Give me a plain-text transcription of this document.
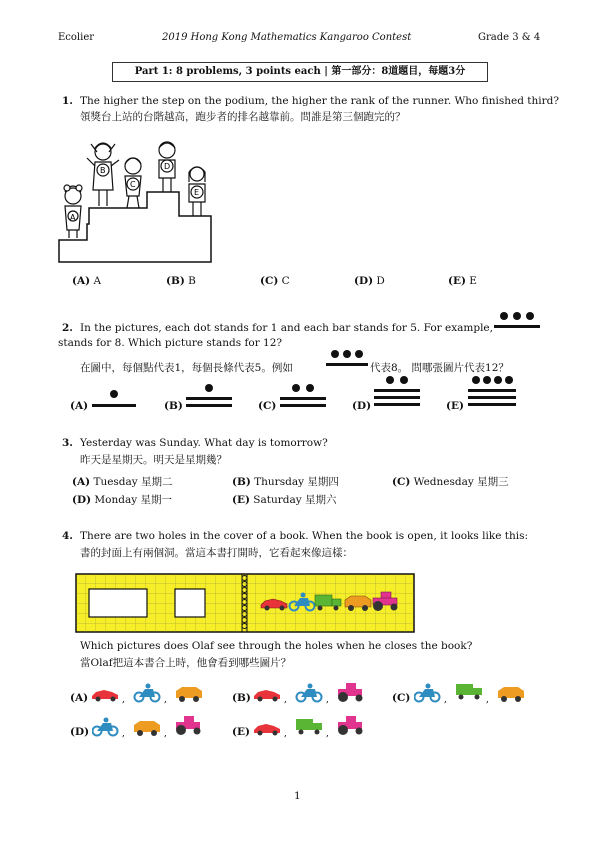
Ecolier	2019 Hong Kong Mathematics Kangaroo Contest	Grade 3 & 4
Part 1: 8 problems, 3 points each | 第一部分：8道題目，每題3分
1. The higher the step on the podium, the higher the rank of the runner. Who finished third?
領獎台上站的台階越高，跑步者的排名越靠前。問誰是第三個跑完的？
A
B
C
D
E
(A) A	(B) B	(C) C	(D) D	(E) E
2. In the pictures, each dot stands for 1 and each bar stands for 5. For example,
stands for 8. Which picture stands for 12?
在圖中，每個點代表1，每個長條代表5。例如	代表8。 問哪張圖片代表12？
(A)	(B)	(C)	(D)	(E)
3. Yesterday was Sunday. What day is tomorrow?
昨天是星期天。明天是星期幾？
(A) Tuesday 星期二	(B) Thursday 星期四	(C) Wednesday 星期三
(D) Monday 星期一	(E) Saturday 星期六
4. There are two holes in the cover of a book. When the book is open, it looks like this:
書的封面上有兩個洞。當這本書打開時，它看起來像這樣：
Which pictures does Olaf see through the holes when he closes the book?
當Olaf把這本書合上時，他會看到哪些圖片？
(A)	,	,	(B)	,	,	(C)	,	,
(D)	,	,	(E)	,	,
1
